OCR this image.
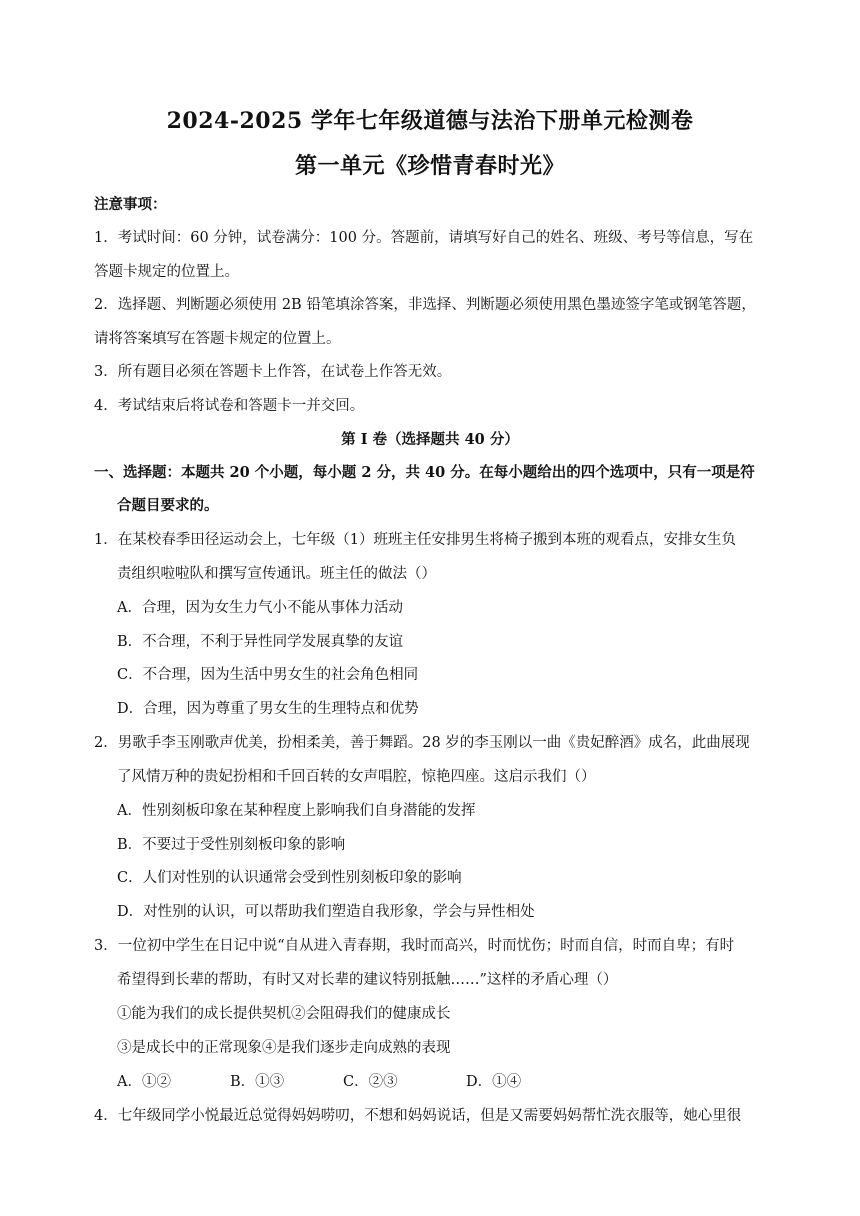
2024-2025 学年七年级道德与法治下册单元检测卷
第一单元《珍惜青春时光》
注意事项：
1．考试时间：60 分钟，试卷满分：100 分。答题前，请填写好自己的姓名、班级、考号等信息，写在
答题卡规定的位置上。
2．选择题、判断题必须使用 2B 铅笔填涂答案，非选择、判断题必须使用黑色墨迹签字笔或钢笔答题，
请将答案填写在答题卡规定的位置上。
3．所有题目必须在答题卡上作答，在试卷上作答无效。
4．考试结束后将试卷和答题卡一并交回。
第 I 卷（选择题共 40 分）
一、选择题：本题共 20 个小题，每小题 2 分，共 40 分。在每小题给出的四个选项中，只有一项是符
合题目要求的。
1．在某校春季田径运动会上，七年级（1）班班主任安排男生将椅子搬到本班的观看点，安排女生负
责组织啦啦队和撰写宣传通讯。班主任的做法（）
A．合理，因为女生力气小不能从事体力活动
B．不合理，不利于异性同学发展真挚的友谊
C．不合理，因为生活中男女生的社会角色相同
D．合理，因为尊重了男女生的生理特点和优势
2．男歌手李玉刚歌声优美，扮相柔美，善于舞蹈。28 岁的李玉刚以一曲《贵妃醉酒》成名，此曲展现
了风情万种的贵妃扮相和千回百转的女声唱腔，惊艳四座。这启示我们（）
A．性别刻板印象在某种程度上影响我们自身潜能的发挥
B．不要过于受性别刻板印象的影响
C．人们对性别的认识通常会受到性别刻板印象的影响
D．对性别的认识，可以帮助我们塑造自我形象，学会与异性相处
3．一位初中学生在日记中说“自从进入青春期，我时而高兴，时而忧伤；时而自信，时而自卑；有时
希望得到长辈的帮助，有时又对长辈的建议特别抵触……”这样的矛盾心理（）
①能为我们的成长提供契机②会阻碍我们的健康成长
③是成长中的正常现象④是我们逐步走向成熟的表现
A．①②	B．①③	C．②③	D．①④
4．七年级同学小悦最近总觉得妈妈唠叨，不想和妈妈说话，但是又需要妈妈帮忙洗衣服等，她心里很
